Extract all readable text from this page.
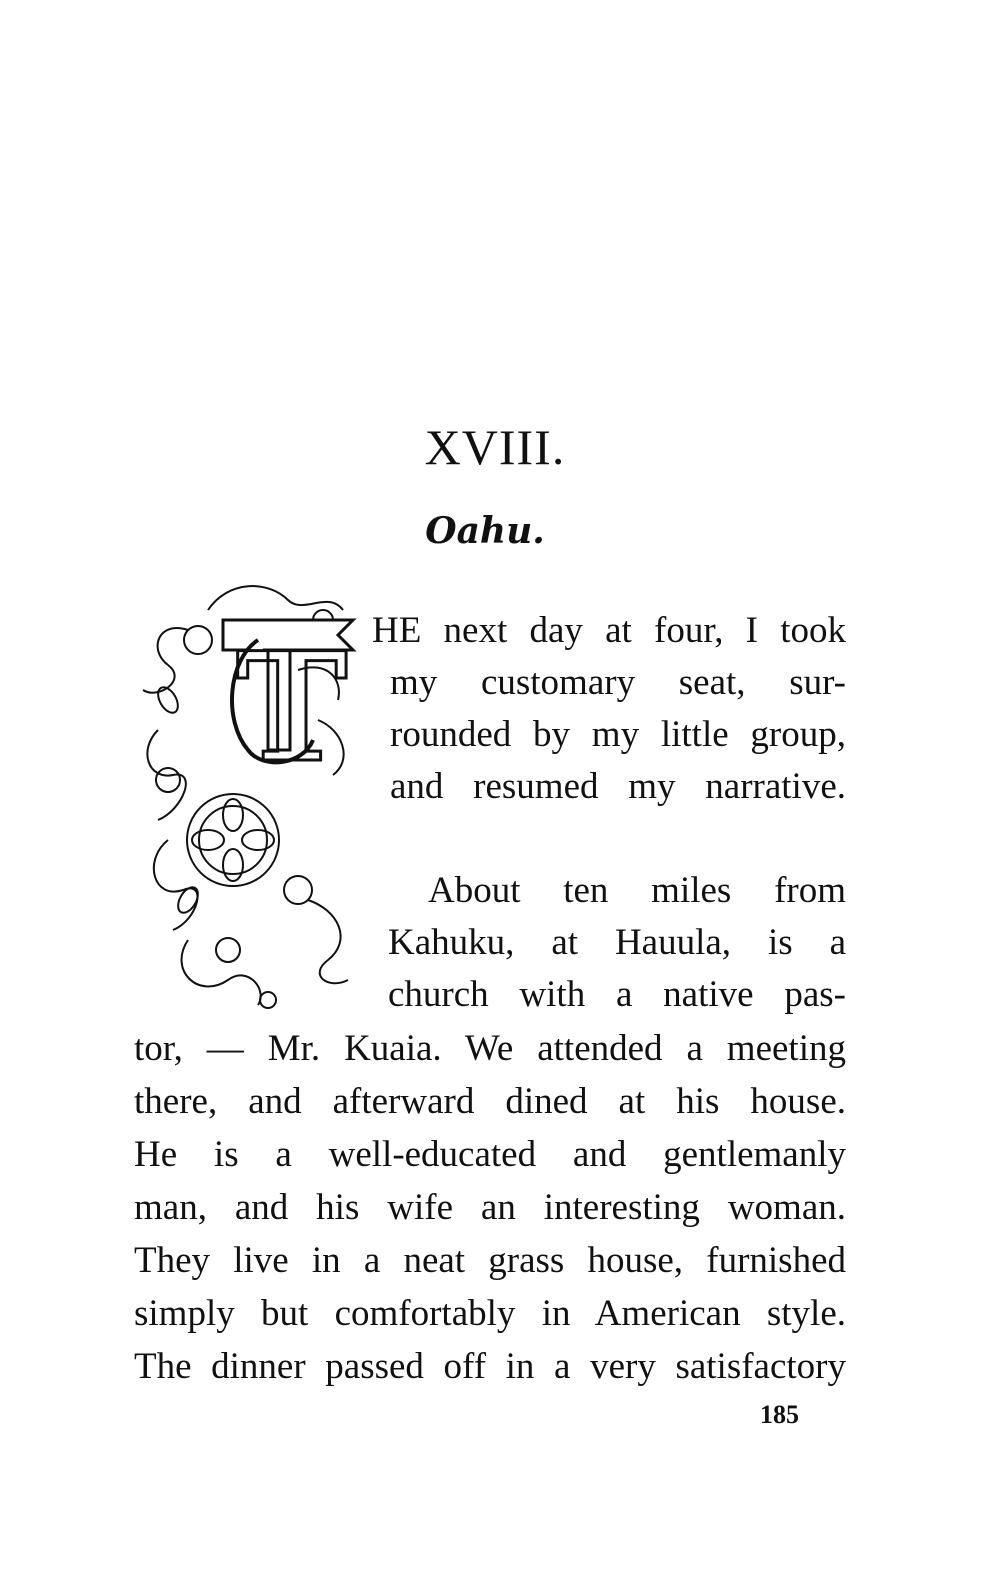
XVIII.
Oahu.
T HE next day at four, I took

my customary seat, sur-

rounded by my little group,

and resumed my narrative.

About ten miles from

Kahuku, at Hauula, is a

church with a native pas-

tor, — Mr. Kuaia. We attended a meeting

there, and afterward dined at his house.

He is a well-educated and gentlemanly

man, and his wife an interesting woman.

They live in a neat grass house, furnished

simply but comfortably in American style.

The dinner passed off in a very satisfactory

185
